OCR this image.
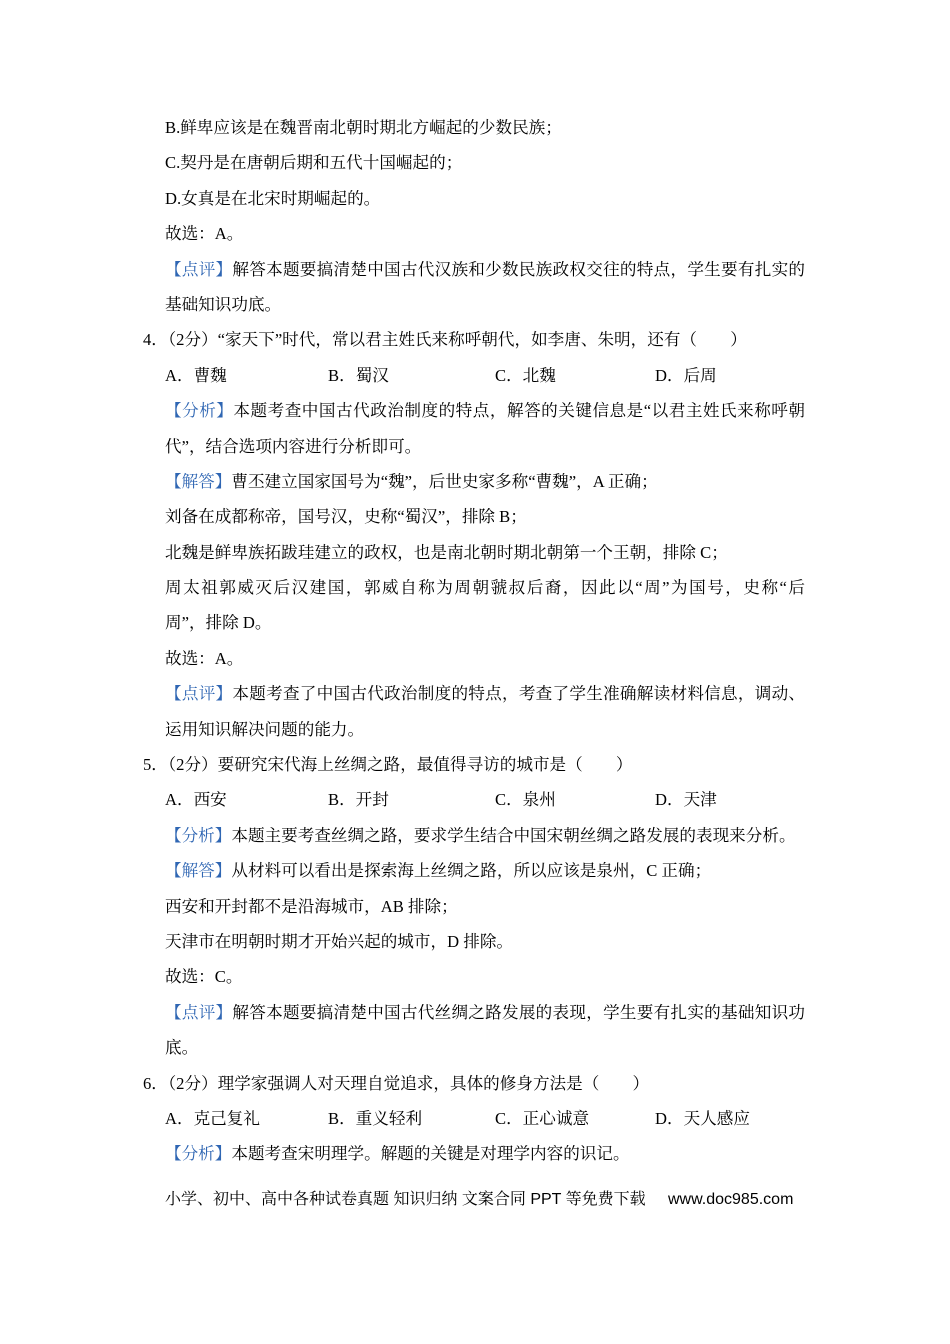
B.鲜卑应该是在魏晋南北朝时期北方崛起的少数民族；
C.契丹是在唐朝后期和五代十国崛起的；
D.女真是在北宋时期崛起的。
故选：A。
【点评】解答本题要搞清楚中国古代汉族和少数民族政权交往的特点，学生要有扎实的
基础知识功底。
4．（2分）“家天下”时代，常以君主姓氏来称呼朝代，如李唐、朱明，还有（　　）
A．曹魏	B．蜀汉	C．北魏	D．后周
【分析】本题考查中国古代政治制度的特点，解答的关键信息是“以君主姓氏来称呼朝
代”，结合选项内容进行分析即可。
【解答】曹丕建立国家国号为“魏”，后世史家多称“曹魏”，A 正确；
刘备在成都称帝，国号汉，史称“蜀汉”，排除 B；
北魏是鲜卑族拓跋珪建立的政权，也是南北朝时期北朝第一个王朝，排除 C；
周太祖郭威灭后汉建国，郭威自称为周朝虢叔后裔，因此以“周”为国号，史称“后
周”，排除 D。
故选：A。
【点评】本题考查了中国古代政治制度的特点，考查了学生准确解读材料信息，调动、
运用知识解决问题的能力。
5．（2分）要研究宋代海上丝绸之路，最值得寻访的城市是（　　）
A．西安	B．开封	C．泉州	D．天津
【分析】本题主要考查丝绸之路，要求学生结合中国宋朝丝绸之路发展的表现来分析。
【解答】从材料可以看出是探索海上丝绸之路，所以应该是泉州，C 正确；
西安和开封都不是沿海城市，AB 排除；
天津市在明朝时期才开始兴起的城市，D 排除。
故选：C。
【点评】解答本题要搞清楚中国古代丝绸之路发展的表现，学生要有扎实的基础知识功
底。
6．（2分）理学家强调人对天理自觉追求，具体的修身方法是（　　）
A．克己复礼	B．重义轻利	C．正心诚意	D．天人感应
【分析】本题考查宋明理学。解题的关键是对理学内容的识记。
小学、初中、高中各种试卷真题 知识归纳 文案合同 PPT 等免费下载 www.doc985.com
